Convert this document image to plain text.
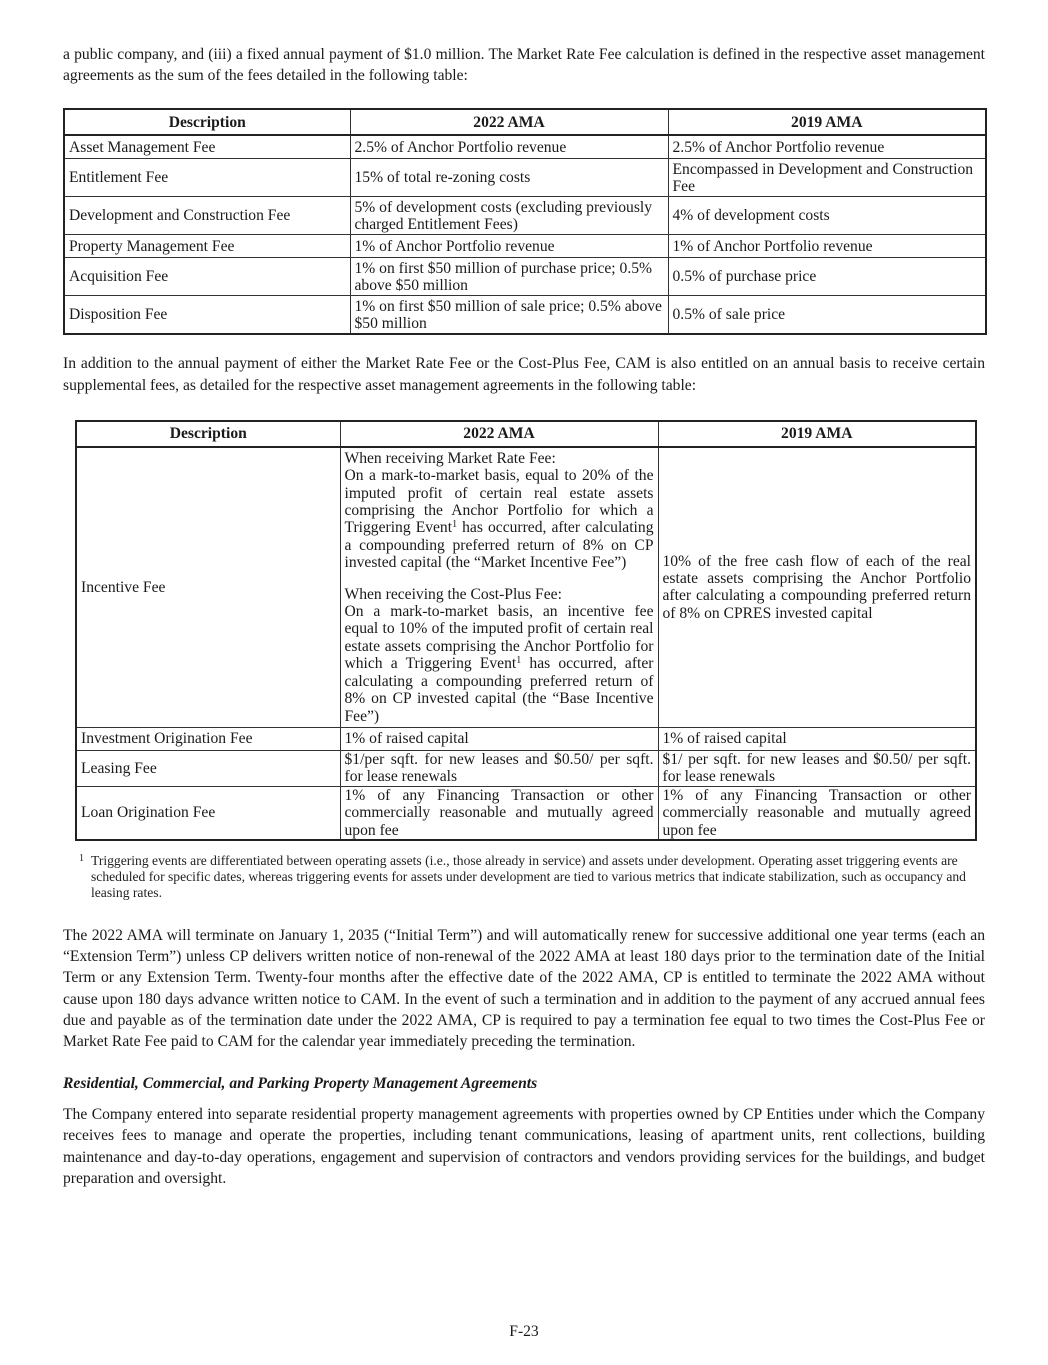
a public company, and (iii) a fixed annual payment of $1.0 million. The Market Rate Fee calculation is defined in the respective asset management agreements as the sum of the fees detailed in the following table:

Description	2022 AMA	2019 AMA
Asset Management Fee	2.5% of Anchor Portfolio revenue	2.5% of Anchor Portfolio revenue
Entitlement Fee	15% of total re-zoning costs	Encompassed in Development and Construction Fee
Development and Construction Fee	5% of development costs (excluding previously charged Entitlement Fees)	4% of development costs
Property Management Fee	1% of Anchor Portfolio revenue	1% of Anchor Portfolio revenue
Acquisition Fee	1% on first $50 million of purchase price; 0.5% above $50 million	0.5% of purchase price
Disposition Fee	1% on first $50 million of sale price; 0.5% above $50 million	0.5% of sale price

In addition to the annual payment of either the Market Rate Fee or the Cost-Plus Fee, CAM is also entitled on an annual basis to receive certain supplemental fees, as detailed for the respective asset management agreements in the following table:

Description	2022 AMA	2019 AMA
Incentive Fee	When receiving Market Rate Fee:
On a mark-to-market basis, equal to 20% of the imputed profit of certain real estate assets comprising the Anchor Portfolio for which a Triggering Event$^1$ has occurred, after calculating a compounding preferred return of 8% on CP invested capital (the “Market Incentive Fee”)
When receiving the Cost-Plus Fee:
On a mark-to-market basis, an incentive fee equal to 10% of the imputed profit of certain real estate assets comprising the Anchor Portfolio for which a Triggering Event$^1$ has occurred, after calculating a compounding preferred return of 8% on CP invested capital (the “Base Incentive Fee”)	10% of the free cash flow of each of the real estate assets comprising the Anchor Portfolio after calculating a compounding preferred return of 8% on CPRES invested capital
Investment Origination Fee	1% of raised capital	1% of raised capital
Leasing Fee	$1/per sqft. for new leases and $0.50/ per sqft. for lease renewals	$1/ per sqft. for new leases and $0.50/ per sqft. for lease renewals
Loan Origination Fee	1% of any Financing Transaction or other commercially reasonable and mutually agreed upon fee	1% of any Financing Transaction or other commercially reasonable and mutually agreed upon fee
1 Triggering events are differentiated between operating assets (i.e., those already in service) and assets under development. Operating asset triggering events are scheduled for specific dates, whereas triggering events for assets under development are tied to various metrics that indicate stabilization, such as occupancy and leasing rates.

The 2022 AMA will terminate on January 1, 2035 (“Initial Term”) and will automatically renew for successive additional one year terms (each an “Extension Term”) unless CP delivers written notice of non-renewal of the 2022 AMA at least 180 days prior to the termination date of the Initial Term or any Extension Term. Twenty-four months after the effective date of the 2022 AMA, CP is entitled to terminate the 2022 AMA without cause upon 180 days advance written notice to CAM. In the event of such a termination and in addition to the payment of any accrued annual fees due and payable as of the termination date under the 2022 AMA, CP is required to pay a termination fee equal to two times the Cost-Plus Fee or Market Rate Fee paid to CAM for the calendar year immediately preceding the termination.

Residential, Commercial, and Parking Property Management Agreements

The Company entered into separate residential property management agreements with properties owned by CP Entities under which the Company receives fees to manage and operate the properties, including tenant communications, leasing of apartment units, rent collections, building maintenance and day-to-day operations, engagement and supervision of contractors and vendors providing services for the buildings, and budget preparation and oversight.

F-23
